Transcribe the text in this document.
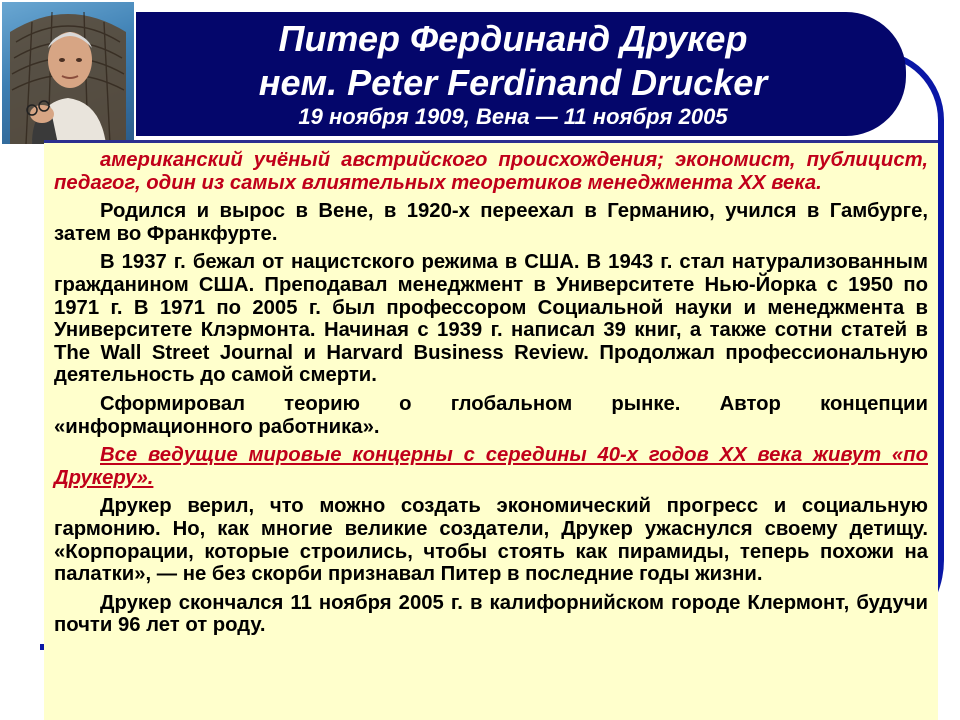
Питер Фердинанд Друкер
нем. Peter Ferdinand Drucker
19 ноября 1909, Вена — 11 ноября 2005

американский учёный австрийского происхождения; экономист, публицист, педагог, один из самых влиятельных теоретиков менеджмента XX века.

Родился и вырос в Вене, в 1920-х переехал в Германию, учился в Гамбурге, затем во Франкфурте.

В 1937 г. бежал от нацистского режима в США. В 1943 г. стал натурализованным гражданином США. Преподавал менеджмент в Университете Нью-Йорка с 1950 по 1971 г. В 1971 по 2005 г. был профессором Социальной науки и менеджмента в Университете Клэрмонта. Начиная с 1939 г. написал 39 книг, а также сотни статей в The Wall Street Journal и Harvard Business Review. Продолжал профессиональную деятельность до самой смерти.

Сформировал теорию о глобальном рынке. Автор концепции «информационного работника».

Все ведущие мировые концерны с середины 40-х годов XX века живут «по Друкеру».

Друкер верил, что можно создать экономический прогресс и социальную гармонию. Но, как многие великие создатели, Друкер ужаснулся своему детищу. «Корпорации, которые строились, чтобы стоять как пирамиды, теперь похожи на палатки», — не без скорби признавал Питер в последние годы жизни.

Друкер скончался 11 ноября 2005 г. в калифорнийском городе Клермонт, будучи почти 96 лет от роду.
